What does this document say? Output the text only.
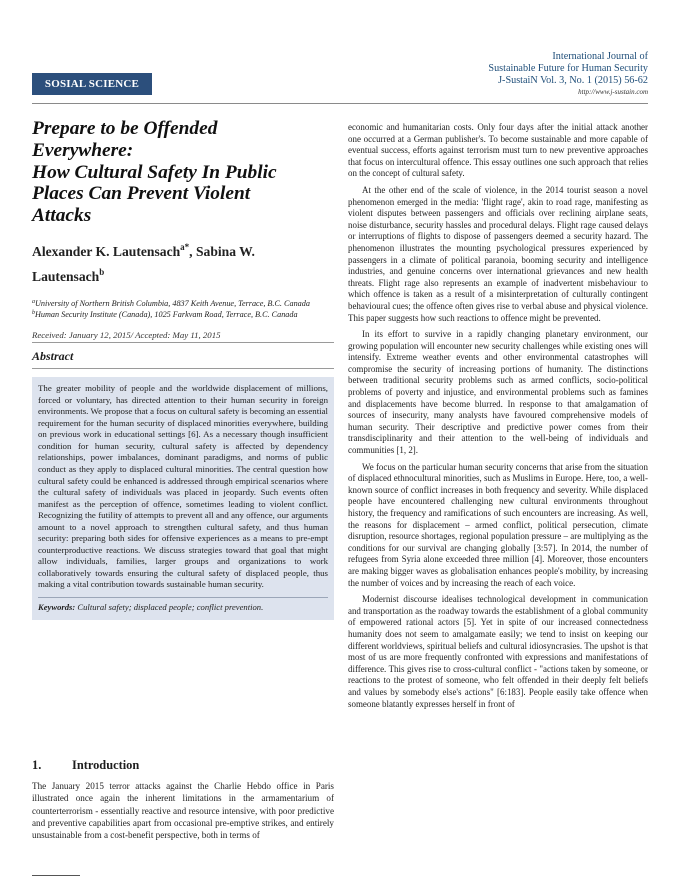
International Journal of
Sustainable Future for Human Security
J-SustaiN Vol. 3, No. 1 (2015) 56-62
http://www.j-sustain.com
SOSIAL SCIENCE
Prepare to be Offended
Everywhere:
How Cultural Safety In Public
Places Can Prevent Violent
Attacks
Alexander K. Lautensach$^{a*}$, Sabina W.
Lautensach$^b$
$^a$University of Northern British Columbia, 4837 Keith Avenue, Terrace, B.C. Canada
$^b$Human Security Institute (Canada), 1025 Farkvam Road, Terrace, B.C. Canada
Received: January 12, 2015/ Accepted: May 11, 2015
Abstract
The greater mobility of people and the worldwide displacement of millions, forced or voluntary, has directed attention to their human security in foreign environments. We propose that a focus on cultural safety is becoming an essential requirement for the human security of displaced minorities everywhere, building on previous work in educational settings [6]. As a necessary though insufficient condition for human security, cultural safety is affected by dependency relationships, power imbalances, dominant paradigms, and norms of public conduct as they apply to displaced cultural minorities. The central question how cultural safety could be enhanced is addressed through empirical scenarios where the cultural safety of individuals was placed in jeopardy. Such events often manifest as the perception of offence, sometimes leading to violent conflict. Recognizing the futility of attempts to prevent all and any offence, our arguments amount to a novel approach to strengthen cultural safety, and thus human security: preparing both sides for offensive experiences as a means to pre-empt counterproductive reactions. We discuss strategies toward that goal that might allow individuals, families, larger groups and organizations to work collaboratively towards ensuring the cultural safety of displaced people, thus making a vital contribution towards sustainable human security.
Keywords: Cultural safety; displaced people; conflict prevention.
1. Introduction
The January 2015 terror attacks against the Charlie Hebdo office in Paris illustrated once again the inherent limitations in the armamentarium of counterterrorism - essentially reactive and resource intensive, with poor predictive and preventive capabilities apart from occasional pre-emptive strikes, and entirely unsustainable from a cost-benefit perspective, both in terms of

economic and humanitarian costs. Only four days after the initial attack another one occurred at a German publisher's. To become sustainable and more capable of eventual success, efforts against terrorism must turn to new preventive approaches that focus on intercultural offence. This essay outlines one such approach that relies on the concept of cultural safety.

At the other end of the scale of violence, in the 2014 tourist season a novel phenomenon emerged in the media: 'flight rage', akin to road rage, manifesting as violent disputes between passengers and officials over reclining airplane seats, noise disturbance, security hassles and procedural delays. Flight rage caused delays or interruptions of flights to dispose of passengers deemed a security hazard. The phenomenon illustrates the mounting psychological pressures experienced by passengers in a climate of political paranoia, booming security and intelligence industries, and genuine concerns over international grievances and new health threats. Flight rage also represents an example of inadvertent misbehaviour to which offence is taken as a result of a misinterpretation of culturally contingent behavioural cues; the offence often gives rise to verbal abuse and physical violence. This paper suggests how such reactions to offence might be prevented.

In its effort to survive in a rapidly changing planetary environment, our growing population will encounter new security challenges while existing ones will intensify. Extreme weather events and other environmental catastrophes will compromise the security of increasing portions of humanity. The distinctions between traditional security problems such as armed conflicts, socio-political problems of poverty and injustice, and environmental problems such as famines and displacements have become blurred. In response to that amalgamation of sources of insecurity, many analysts have favoured comprehensive models of human security. Their descriptive and predictive power comes from their transdisciplinarity and their attention to the well-being of individuals and communities [1, 2].

We focus on the particular human security concerns that arise from the situation of displaced ethnocultural minorities, such as Muslims in Europe. Here, too, a well-known source of conflict increases in both frequency and severity. While displaced people have encountered challenging new cultural environments throughout history, the frequency and ramifications of such encounters are increasing. As well, the reasons for displacement – armed conflict, political persecution, climate disruption, resource shortages, regional population pressure – are multiplying as the conditions for our survival are changing globally [3:57]. In 2014, the number of refugees from Syria alone exceeded three million [4]. Moreover, those encounters are making bigger waves as globalisation enhances people's mobility, by increasing the number of voices and by increasing the reach of each voice.

Modernist discourse idealises technological development in communication and transportation as the roadway towards the establishment of a global community of empowered rational actors [5]. Yet in spite of our increased connectedness humanity does not seem to amalgamate easily; we tend to insist on keeping our different worldviews, spiritual beliefs and cultural idiosyncrasies. The upshot is that most of us are more frequently confronted with expressions and manifestations of difference. This gives rise to cross-cultural conflict - "actions taken by someone, or reactions to the protest of someone, who felt offended in their deeply felt beliefs and values by somebody else's actions" [6:183]. People easily take offence when someone blatantly expresses herself in front of
